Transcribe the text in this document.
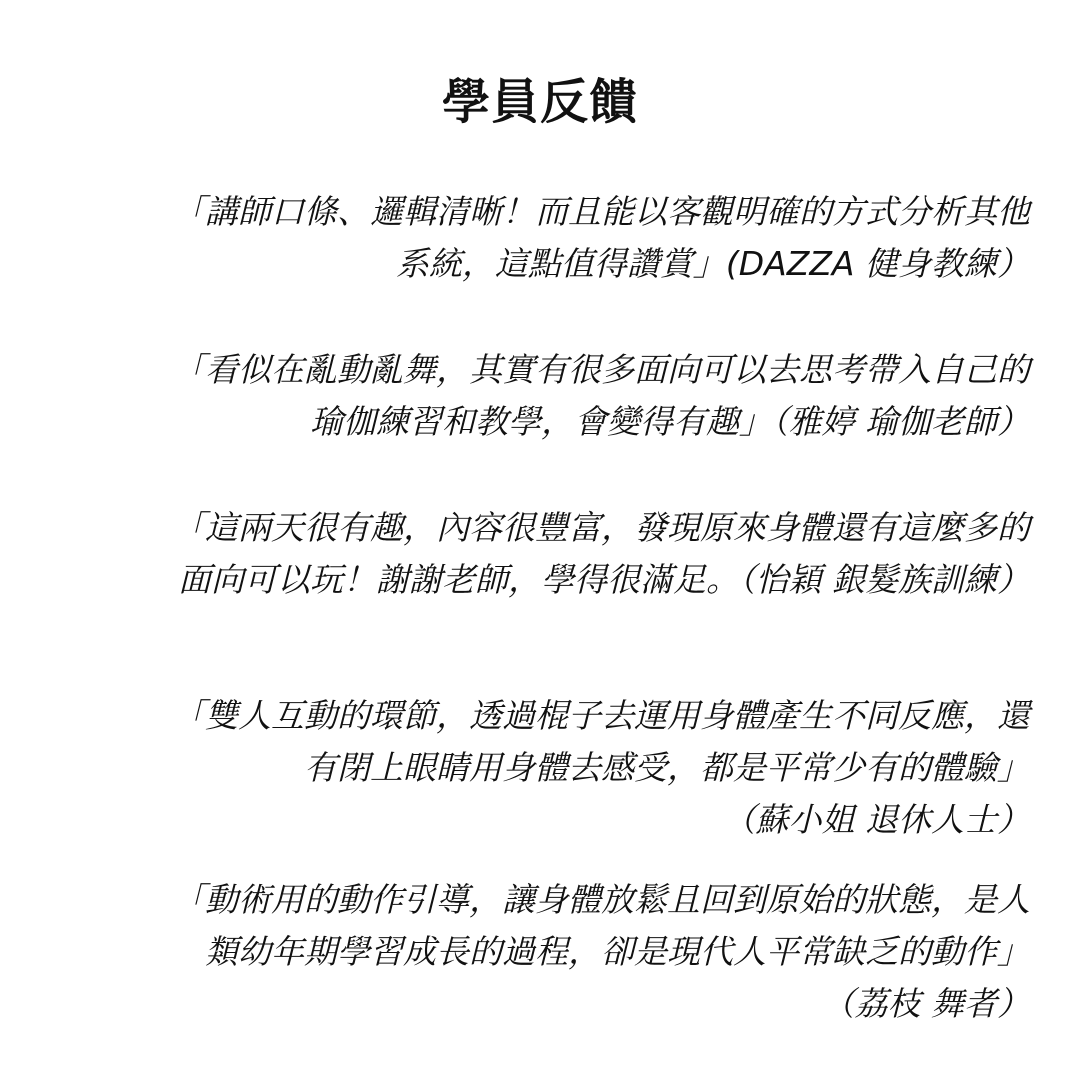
學員反饋
「講師口條、邏輯清晰！而且能以客觀明確的方式分析其他
系統，這點值得讚賞」(DAZZA 健身教練）
「看似在亂動亂舞，其實有很多面向可以去思考帶入自己的
瑜伽練習和教學，會變得有趣」（雅婷 瑜伽老師）
「這兩天很有趣，內容很豐富，發現原來身體還有這麼多的
面向可以玩！謝謝老師，學得很滿足。（怡穎 銀髮族訓練）
「雙人互動的環節，透過棍子去運用身體產生不同反應，還
有閉上眼睛用身體去感受，都是平常少有的體驗」
（蘇小姐 退休人士）
「動術用的動作引導，讓身體放鬆且回到原始的狀態，是人
類幼年期學習成長的過程，卻是現代人平常缺乏的動作」
（荔枝 舞者）
